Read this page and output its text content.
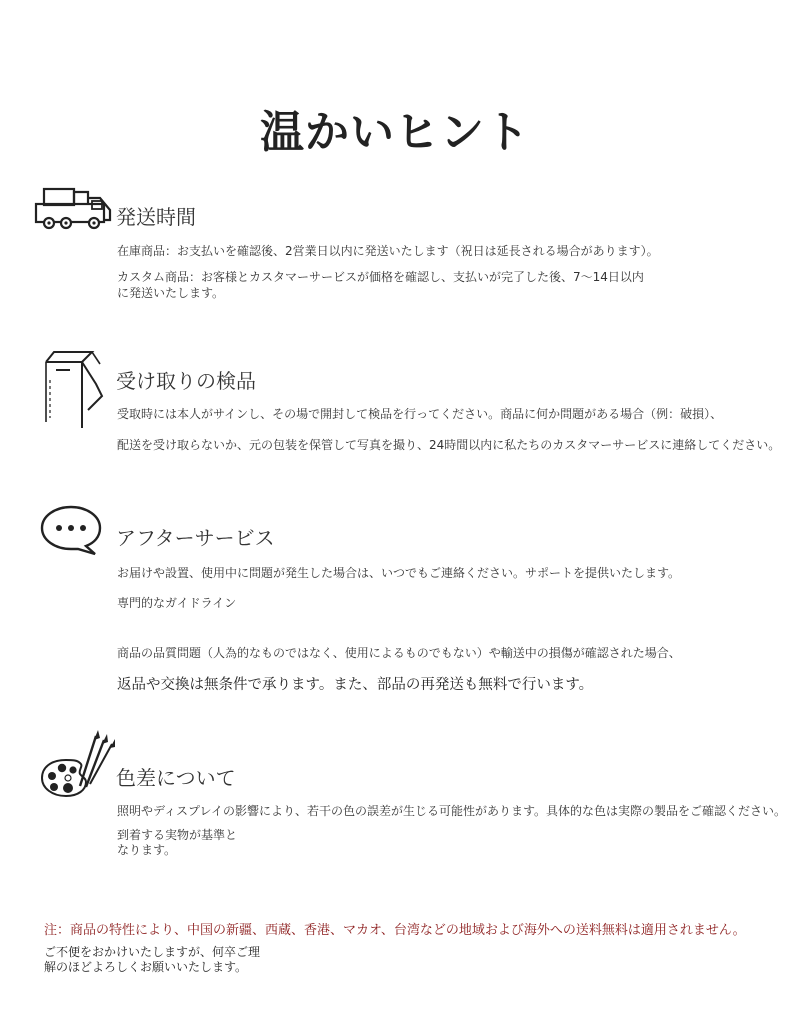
温かいヒント
発送時間
在庫商品：お支払いを確認後、2営業日以内に発送いたします（祝日は延長される場合があります）。
カスタム商品：お客様とカスタマーサービスが価格を確認し、支払いが完了した後、7〜14日以内
に発送いたします。
受け取りの検品
受取時には本人がサインし、その場で開封して検品を行ってください。商品に何か問題がある場合（例：破損）、
配送を受け取らないか、元の包装を保管して写真を撮り、24時間以内に私たちのカスタマーサービスに連絡してください。
アフターサービス
お届けや設置、使用中に問題が発生した場合は、いつでもご連絡ください。サポートを提供いたします。
専門的なガイドライン
商品の品質問題（人為的なものではなく、使用によるものでもない）や輸送中の損傷が確認された場合、
返品や交換は無条件で承ります。また、部品の再発送も無料で行います。
色差について
照明やディスプレイの影響により、若干の色の誤差が生じる可能性があります。具体的な色は実際の製品をご確認ください。
到着する実物が基準と
なります。
注：商品の特性により、中国の新疆、西蔵、香港、マカオ、台湾などの地域および海外への送料無料は適用されません。
ご不便をおかけいたしますが、何卒ご理
解のほどよろしくお願いいたします。
